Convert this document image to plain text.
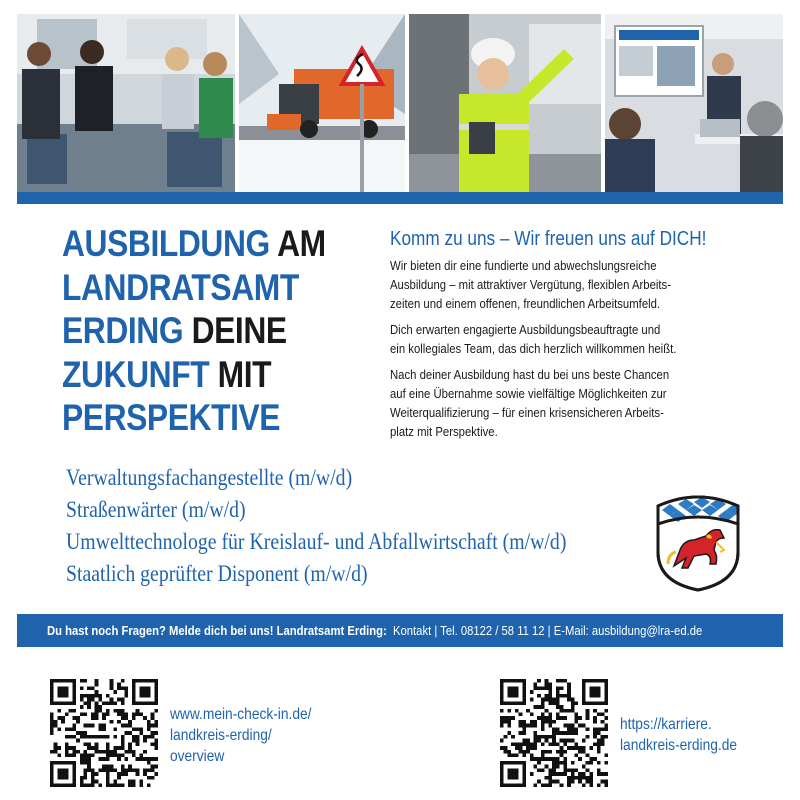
AUSBILDUNG AM
LANDRATSAMT
ERDING DEINE
ZUKUNFT MIT
PERSPEKTIVE
Komm zu uns – Wir freuen uns auf DICH!

Wir bieten dir eine fundierte und abwechslungsreiche
Ausbildung – mit attraktiver Vergütung, flexiblen Arbeits-
zeiten und einem offenen, freundlichen Arbeitsumfeld.

Dich erwarten engagierte Ausbildungsbeauftragte und
ein kollegiales Team, das dich herzlich willkommen heißt.

Nach deiner Ausbildung hast du bei uns beste Chancen
auf eine Übernahme sowie vielfältige Möglichkeiten zur
Weiterqualifizierung – für einen krisensicheren Arbeits-
platz mit Perspektive.

Verwaltungsfachangestellte (m/w/d)
Straßenwärter (m/w/d)
Umwelttechnologe für Kreislauf- und Abfallwirtschaft (m/w/d)
Staatlich geprüfter Disponent (m/w/d)
Du hast noch Fragen? Melde dich bei uns! Landratsamt Erding: Kontakt | Tel. 08122 / 58 11 12 | E-Mail: ausbildung@lra-ed.de
www.mein-check-in.de/
landkreis-erding/
overview
https://karriere.
landkreis-erding.de
